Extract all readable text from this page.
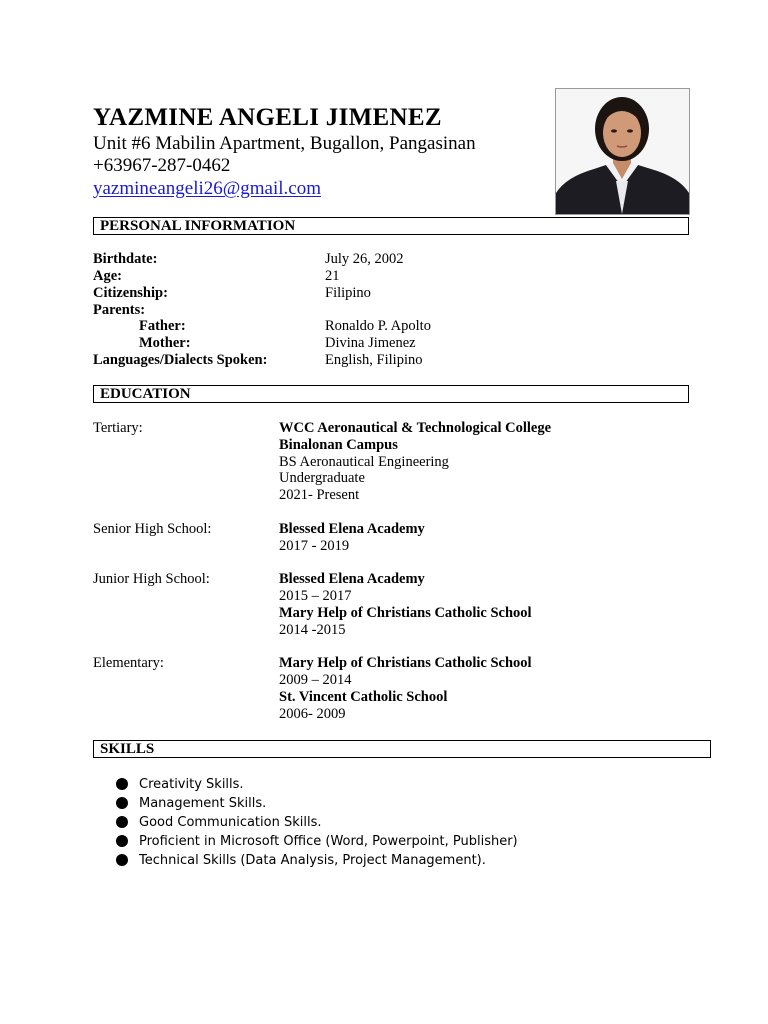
YAZMINE ANGELI JIMENEZ
Unit #6 Mabilin Apartment, Bugallon, Pangasinan
+63967-287-0462
yazmineangeli26@gmail.com
PERSONAL INFORMATION
Birthdate:	July 26, 2002
Age:	21
Citizenship:	Filipino
Parents:
Father:	Ronaldo P. Apolto
Mother:	Divina Jimenez
Languages/Dialects Spoken:	English, Filipino
EDUCATION
Tertiary:	WCC Aeronautical & Technological College
Binalonan Campus
BS Aeronautical Engineering
Undergraduate
2021- Present
Senior High School:	Blessed Elena Academy
2017 - 2019
Junior High School:	Blessed Elena Academy
2015 – 2017
Mary Help of Christians Catholic School
2014 -2015
Elementary:	Mary Help of Christians Catholic School
2009 – 2014
St. Vincent Catholic School
2006- 2009
SKILLS
Creativity Skills.
Management Skills.
Good Communication Skills.
Proficient in Microsoft Office (Word, Powerpoint, Publisher)
Technical Skills (Data Analysis, Project Management).
